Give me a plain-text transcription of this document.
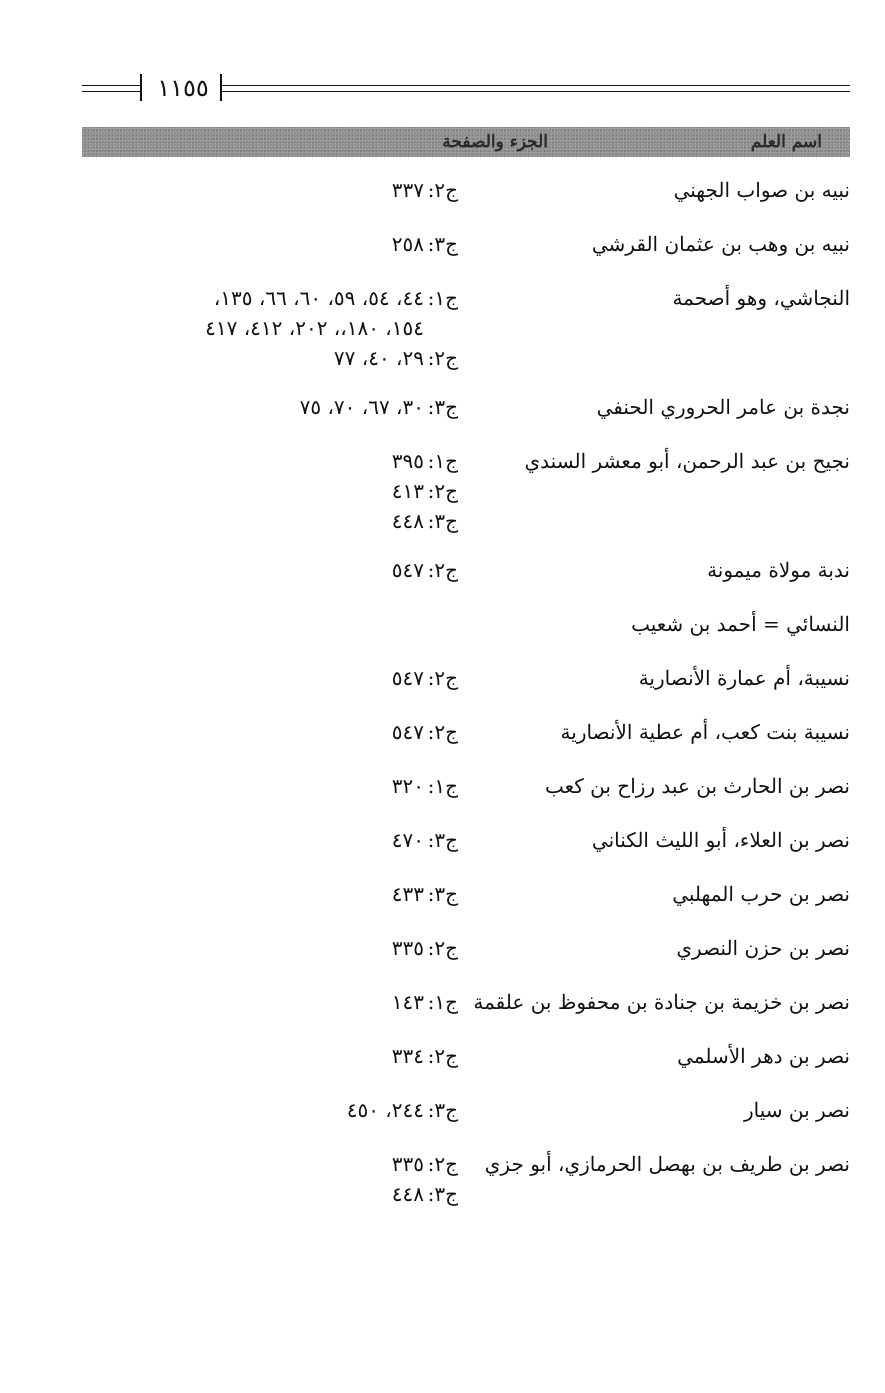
١١٥٥
اسم العلم
الجزء والصفحة
نبيه بن صواب الجهني
ج٢:٣٣٧
نبيه بن وهب بن عثمان القرشي
ج٣:٢٥٨
النجاشي، وهو أصحمة
ج١:٤٤، ٥٤، ٥٩، ٦٠، ٦٦، ١٣٥،
١٥٤، ١٨٠،، ٢٠٢، ٤١٢، ٤١٧
ج٢:٢٩، ٤٠، ٧٧
نجدة بن عامر الحروري الحنفي
ج٣:٣٠، ٦٧، ٧٠، ٧٥
نجيح بن عبد الرحمن، أبو معشر السندي
ج١:٣٩٥
ج٢:٤١٣
ج٣:٤٤٨
ندبة مولاة ميمونة
ج٢:٥٤٧
النسائي = أحمد بن شعيب
نسيبة، أم عمارة الأنصارية
ج٢:٥٤٧
نسيبة بنت كعب، أم عطية الأنصارية
ج٢:٥٤٧
نصر بن الحارث بن عبد رزاح بن كعب
ج١:٣٢٠
نصر بن العلاء، أبو الليث الكناني
ج٣:٤٧٠
نصر بن حرب المهلبي
ج٣:٤٣٣
نصر بن حزن النصري
ج٢:٣٣٥
نصر بن خزيمة بن جنادة بن محفوظ بن علقمة
ج١:١٤٣
نصر بن دهر الأسلمي
ج٢:٣٣٤
نصر بن سيار
ج٣:٢٤٤، ٤٥٠
نصر بن طريف بن بهصل الحرمازي، أبو جزي
ج٢:٣٣٥
ج٣:٤٤٨
